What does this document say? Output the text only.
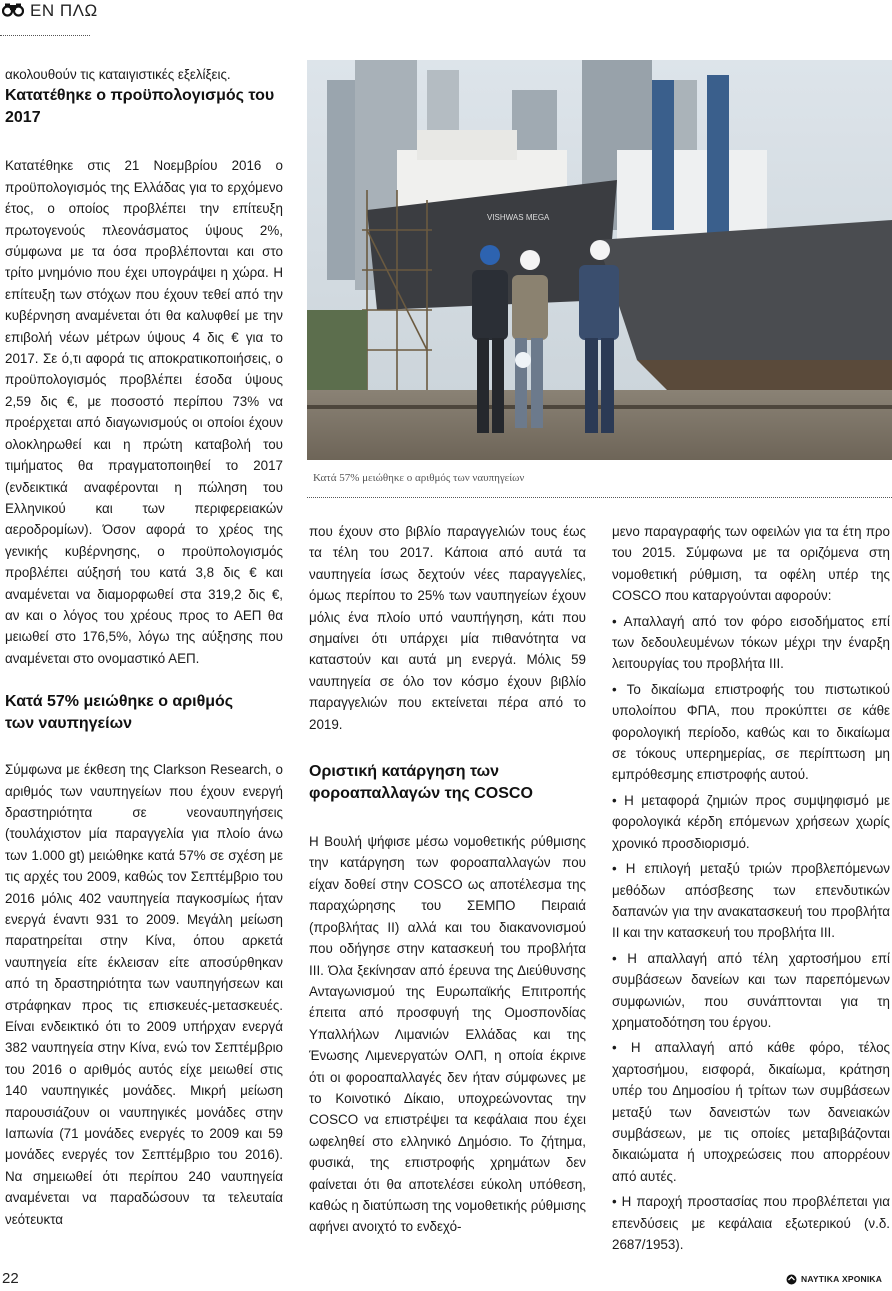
ΕΝ ΠΛΩ

ακολουθούν τις καταιγιστικές εξελίξεις.

Κατατέθηκε ο προϋπολογισμός του 2017

Κατατέθηκε στις 21 Νοεμβρίου 2016 ο προϋπολογισμός της Ελλάδας για το ερχόμενο έτος, ο οποίος προβλέπει την επίτευξη πρωτογενούς πλεονάσματος ύψους 2%, σύμφωνα με τα όσα προβλέπονται και στο τρίτο μνημόνιο που έχει υπογράψει η χώρα. Η επίτευξη των στόχων που έχουν τεθεί από την κυβέρνηση αναμένεται ότι θα καλυφθεί με την επιβολή νέων μέτρων ύψους 4 δις € για το 2017. Σε ό,τι αφορά τις αποκρατικοποιήσεις, ο προϋπολογισμός προβλέπει έσοδα ύψους 2,59 δις €, με ποσοστό περίπου 73% να προέρχεται από διαγωνισμούς οι οποίοι έχουν ολοκληρωθεί και η πρώτη καταβολή του τιμήματος θα πραγματοποιηθεί το 2017 (ενδεικτικά αναφέρονται η πώληση του Ελληνικού και των περιφερειακών αεροδρομίων). Όσον αφορά το χρέος της γενικής κυβέρνησης, ο προϋπολογισμός προβλέπει αύξησή του κατά 3,8 δις € και αναμένεται να διαμορφωθεί στα 319,2 δις €, αν και ο λόγος του χρέους προς το ΑΕΠ θα μειωθεί στο 176,5%, λόγω της αύξησης που αναμένεται στο ονομαστικό ΑΕΠ.

Κατά 57% μειώθηκε ο αριθμός των ναυπηγείων

Σύμφωνα με έκθεση της Clarkson Research, ο αριθμός των ναυπηγείων που έχουν ενεργή δραστηριότητα σε νεοναυπηγήσεις (τουλάχιστον μία παραγγελία για πλοίο άνω των 1.000 gt) μειώθηκε κατά 57% σε σχέση με τις αρχές του 2009, καθώς τον Σεπτέμβριο του 2016 μόλις 402 ναυπηγεία παγκοσμίως ήταν ενεργά έναντι 931 το 2009. Μεγάλη μείωση παρατηρείται στην Κίνα, όπου αρκετά ναυπηγεία είτε έκλεισαν είτε αποσύρθηκαν από τη δραστηριότητα των ναυπηγήσεων και στράφηκαν προς τις επισκευές-μετασκευές. Είναι ενδεικτικό ότι το 2009 υπήρχαν ενεργά 382 ναυπηγεία στην Κίνα, ενώ τον Σεπτέμβριο του 2016 ο αριθμός αυτός είχε μειωθεί στις 140 ναυπηγικές μονάδες. Μικρή μείωση παρουσιάζουν οι ναυπηγικές μονάδες στην Ιαπωνία (71 μονάδες ενεργές το 2009 και 59 μονάδες ενεργές τον Σεπτέμβριο του 2016). Να σημειωθεί ότι περίπου 240 ναυπηγεία αναμένεται να παραδώσουν τα τελευταία νεότευκτα

VISHWAS MEGA
Κατά 57% μειώθηκε ο αριθμός των ναυπηγείων

που έχουν στο βιβλίο παραγγελιών τους έως τα τέλη του 2017. Κάποια από αυτά τα ναυπηγεία ίσως δεχτούν νέες παραγγελίες, όμως περίπου το 25% των ναυπηγείων έχουν μόλις ένα πλοίο υπό ναυπήγηση, κάτι που σημαίνει ότι υπάρχει μία πιθανότητα να καταστούν και αυτά μη ενεργά. Μόλις 59 ναυπηγεία σε όλο τον κόσμο έχουν βιβλίο παραγγελιών που εκτείνεται πέρα από το 2019.

Οριστική κατάργηση των φοροαπαλλαγών της COSCO

Η Βουλή ψήφισε μέσω νομοθετικής ρύθμισης την κατάργηση των φοροαπαλλαγών που είχαν δοθεί στην COSCO ως αποτέλεσμα της παραχώρησης του ΣΕΜΠΟ Πειραιά (προβλήτας ΙΙ) αλλά και του διακανονισμού που οδήγησε στην κατασκευή του προβλήτα ΙΙΙ. Όλα ξεκίνησαν από έρευνα της Διεύθυνσης Ανταγωνισμού της Ευρωπαϊκής Επιτροπής έπειτα από προσφυγή της Ομοσπονδίας Υπαλλήλων Λιμανιών Ελλάδας και της Ένωσης Λιμενεργατών ΟΛΠ, η οποία έκρινε ότι οι φοροαπαλλαγές δεν ήταν σύμφωνες με το Κοινοτικό Δίκαιο, υποχρεώνοντας την COSCO να επιστρέψει τα κεφάλαια που έχει ωφεληθεί στο ελληνικό Δημόσιο. Το ζήτημα, φυσικά, της επιστροφής χρημάτων δεν φαίνεται ότι θα αποτελέσει εύκολη υπόθεση, καθώς η διατύπωση της νομοθετικής ρύθμισης αφήνει ανοιχτό το ενδεχό-

μενο παραγραφής των οφειλών για τα έτη προ του 2015. Σύμφωνα με τα οριζόμενα στη νομοθετική ρύθμιση, τα οφέλη υπέρ της COSCO που καταργούνται αφορούν:

• Απαλλαγή από τον φόρο εισοδήματος επί των δεδουλευμένων τόκων μέχρι την έναρξη λειτουργίας του προβλήτα ΙΙΙ.

• Το δικαίωμα επιστροφής του πιστωτικού υπολοίπου ΦΠΑ, που προκύπτει σε κάθε φορολογική περίοδο, καθώς και το δικαίωμα σε τόκους υπερημερίας, σε περίπτωση μη εμπρόθεσμης επιστροφής αυτού.

• Η μεταφορά ζημιών προς συμψηφισμό με φορολογικά κέρδη επόμενων χρήσεων χωρίς χρονικό προσδιορισμό.

• Η επιλογή μεταξύ τριών προβλεπόμενων μεθόδων απόσβεσης των επενδυτικών δαπανών για την ανακατασκευή του προβλήτα ΙΙ και την κατασκευή του προβλήτα ΙΙΙ.

• Η απαλλαγή από τέλη χαρτοσήμου επί συμβάσεων δανείων και των παρεπόμενων συμφωνιών, που συνάπτονται για τη χρηματοδότηση του έργου.

• Η απαλλαγή από κάθε φόρο, τέλος χαρτοσήμου, εισφορά, δικαίωμα, κράτηση υπέρ του Δημοσίου ή τρίτων των συμβάσεων μεταξύ των δανειστών των δανειακών συμβάσεων, με τις οποίες μεταβιβάζονται δικαιώματα ή υποχρεώσεις που απορρέουν από αυτές.

• Η παροχή προστασίας που προβλέπεται για επενδύσεις με κεφάλαια εξωτερικού (ν.δ. 2687/1953).

22	ΝΑΥΤΙΚΑ ΧΡΟΝΙΚΑ
